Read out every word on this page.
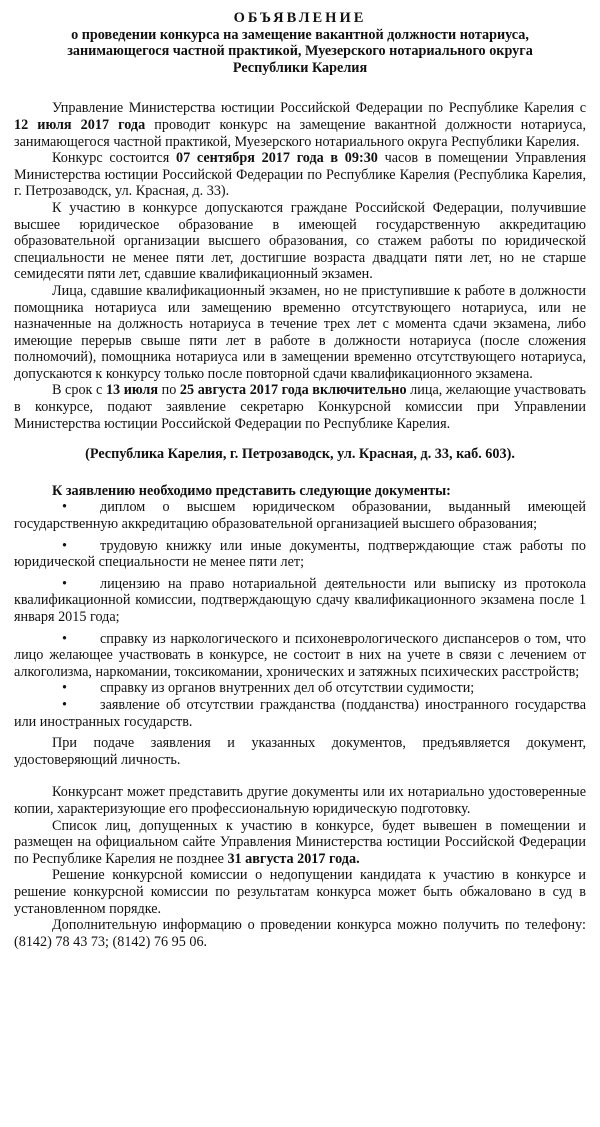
ОБЪЯВЛЕНИЕ
о проведении конкурса на замещение вакантной должности нотариуса,
занимающегося частной практикой, Муезерского нотариального округа
Республики Карелия

Управление Министерства юстиции Российской Федерации по Республике Карелия с 12 июля 2017 года проводит конкурс на замещение вакантной должности нотариуса, занимающегося частной практикой, Муезерского нотариального округа Республики Карелия.

Конкурс состоится 07 сентября 2017 года в 09:30 часов в помещении Управления Министерства юстиции Российской Федерации по Республике Карелия (Республика Карелия, г. Петрозаводск, ул. Красная, д. 33).

К участию в конкурсе допускаются граждане Российской Федерации, получившие высшее юридическое образование в имеющей государственную аккредитацию образовательной организации высшего образования, со стажем работы по юридической специальности не менее пяти лет, достигшие возраста двадцати пяти лет, но не старше семидесяти пяти лет, сдавшие квалификационный экзамен.

Лица, сдавшие квалификационный экзамен, но не приступившие к работе в должности помощника нотариуса или замещению временно отсутствующего нотариуса, или не назначенные на должность нотариуса в течение трех лет с момента сдачи экзамена, либо имеющие перерыв свыше пяти лет в работе в должности нотариуса (после сложения полномочий), помощника нотариуса или в замещении временно отсутствующего нотариуса, допускаются к конкурсу только после повторной сдачи квалификационного экзамена.

В срок с 13 июля по 25 августа 2017 года включительно лица, желающие участвовать в конкурсе, подают заявление секретарю Конкурсной комиссии при Управлении Министерства юстиции Российской Федерации по Республике Карелия.

(Республика Карелия, г. Петрозаводск, ул. Красная, д. 33, каб. 603).

К заявлению необходимо представить следующие документы:

• диплом о высшем юридическом образовании, выданный имеющей государственную аккредитацию образовательной организацией высшего образования;

• трудовую книжку или иные документы, подтверждающие стаж работы по юридической специальности не менее пяти лет;

• лицензию на право нотариальной деятельности или выписку из протокола квалификационной комиссии, подтверждающую сдачу квалификационного экзамена после 1 января 2015 года;

• справку из наркологического и психоневрологического диспансеров о том, что лицо желающее участвовать в конкурсе, не состоит в них на учете в связи с лечением от алкоголизма, наркомании, токсикомании, хронических и затяжных психических расстройств;

• справку из органов внутренних дел об отсутствии судимости;

• заявление об отсутствии гражданства (подданства) иностранного государства или иностранных государств.

При подаче заявления и указанных документов, предъявляется документ, удостоверяющий личность.

Конкурсант может представить другие документы или их нотариально удостоверенные копии, характеризующие его профессиональную юридическую подготовку.

Список лиц, допущенных к участию в конкурсе, будет вывешен в помещении и размещен на официальном сайте Управления Министерства юстиции Российской Федерации по Республике Карелия не позднее 31 августа 2017 года.

Решение конкурсной комиссии о недопущении кандидата к участию в конкурсе и решение конкурсной комиссии по результатам конкурса может быть обжаловано в суд в установленном порядке.

Дополнительную информацию о проведении конкурса можно получить по телефону: (8142) 78 43 73; (8142) 76 95 06.
